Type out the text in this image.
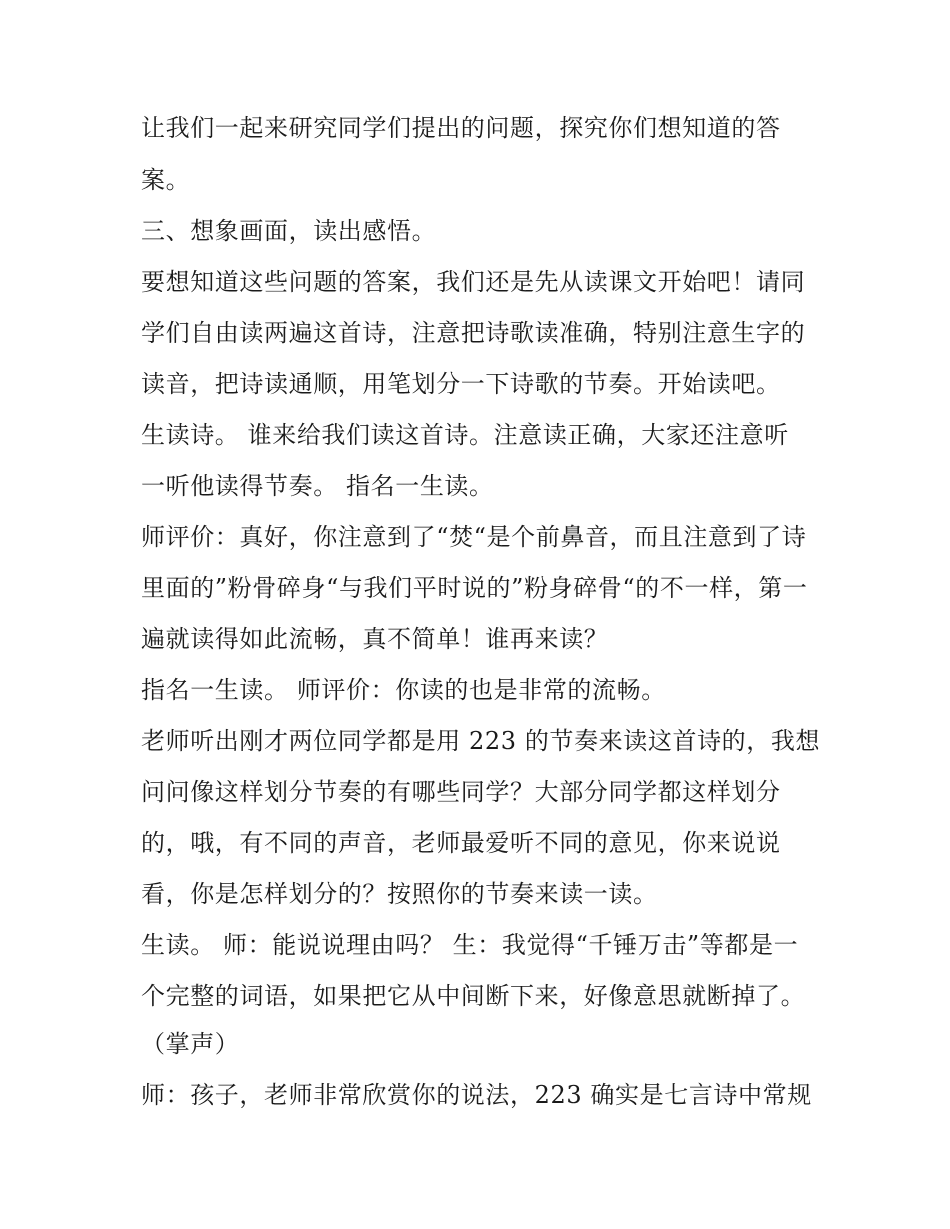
让我们一起来研究同学们提出的问题，探究你们想知道的答
案。
三、想象画面，读出感悟。
要想知道这些问题的答案，我们还是先从读课文开始吧！请同
学们自由读两遍这首诗，注意把诗歌读准确，特别注意生字的
读音，把诗读通顺，用笔划分一下诗歌的节奏。开始读吧。
生读诗。 谁来给我们读这首诗。注意读正确，大家还注意听
一听他读得节奏。 指名一生读。
师评价：真好，你注意到了“焚“是个前鼻音，而且注意到了诗
里面的”粉骨碎身“与我们平时说的”粉身碎骨“的不一样，第一
遍就读得如此流畅，真不简单！谁再来读？
指名一生读。 师评价：你读的也是非常的流畅。
老师听出刚才两位同学都是用 223 的节奏来读这首诗的，我想
问问像这样划分节奏的有哪些同学？大部分同学都这样划分
的，哦，有不同的声音，老师最爱听不同的意见，你来说说
看，你是怎样划分的？按照你的节奏来读一读。
生读。 师：能说说理由吗？ 生：我觉得“千锤万击”等都是一
个完整的词语，如果把它从中间断下来，好像意思就断掉了。
（掌声）
师：孩子，老师非常欣赏你的说法，223 确实是七言诗中常规
